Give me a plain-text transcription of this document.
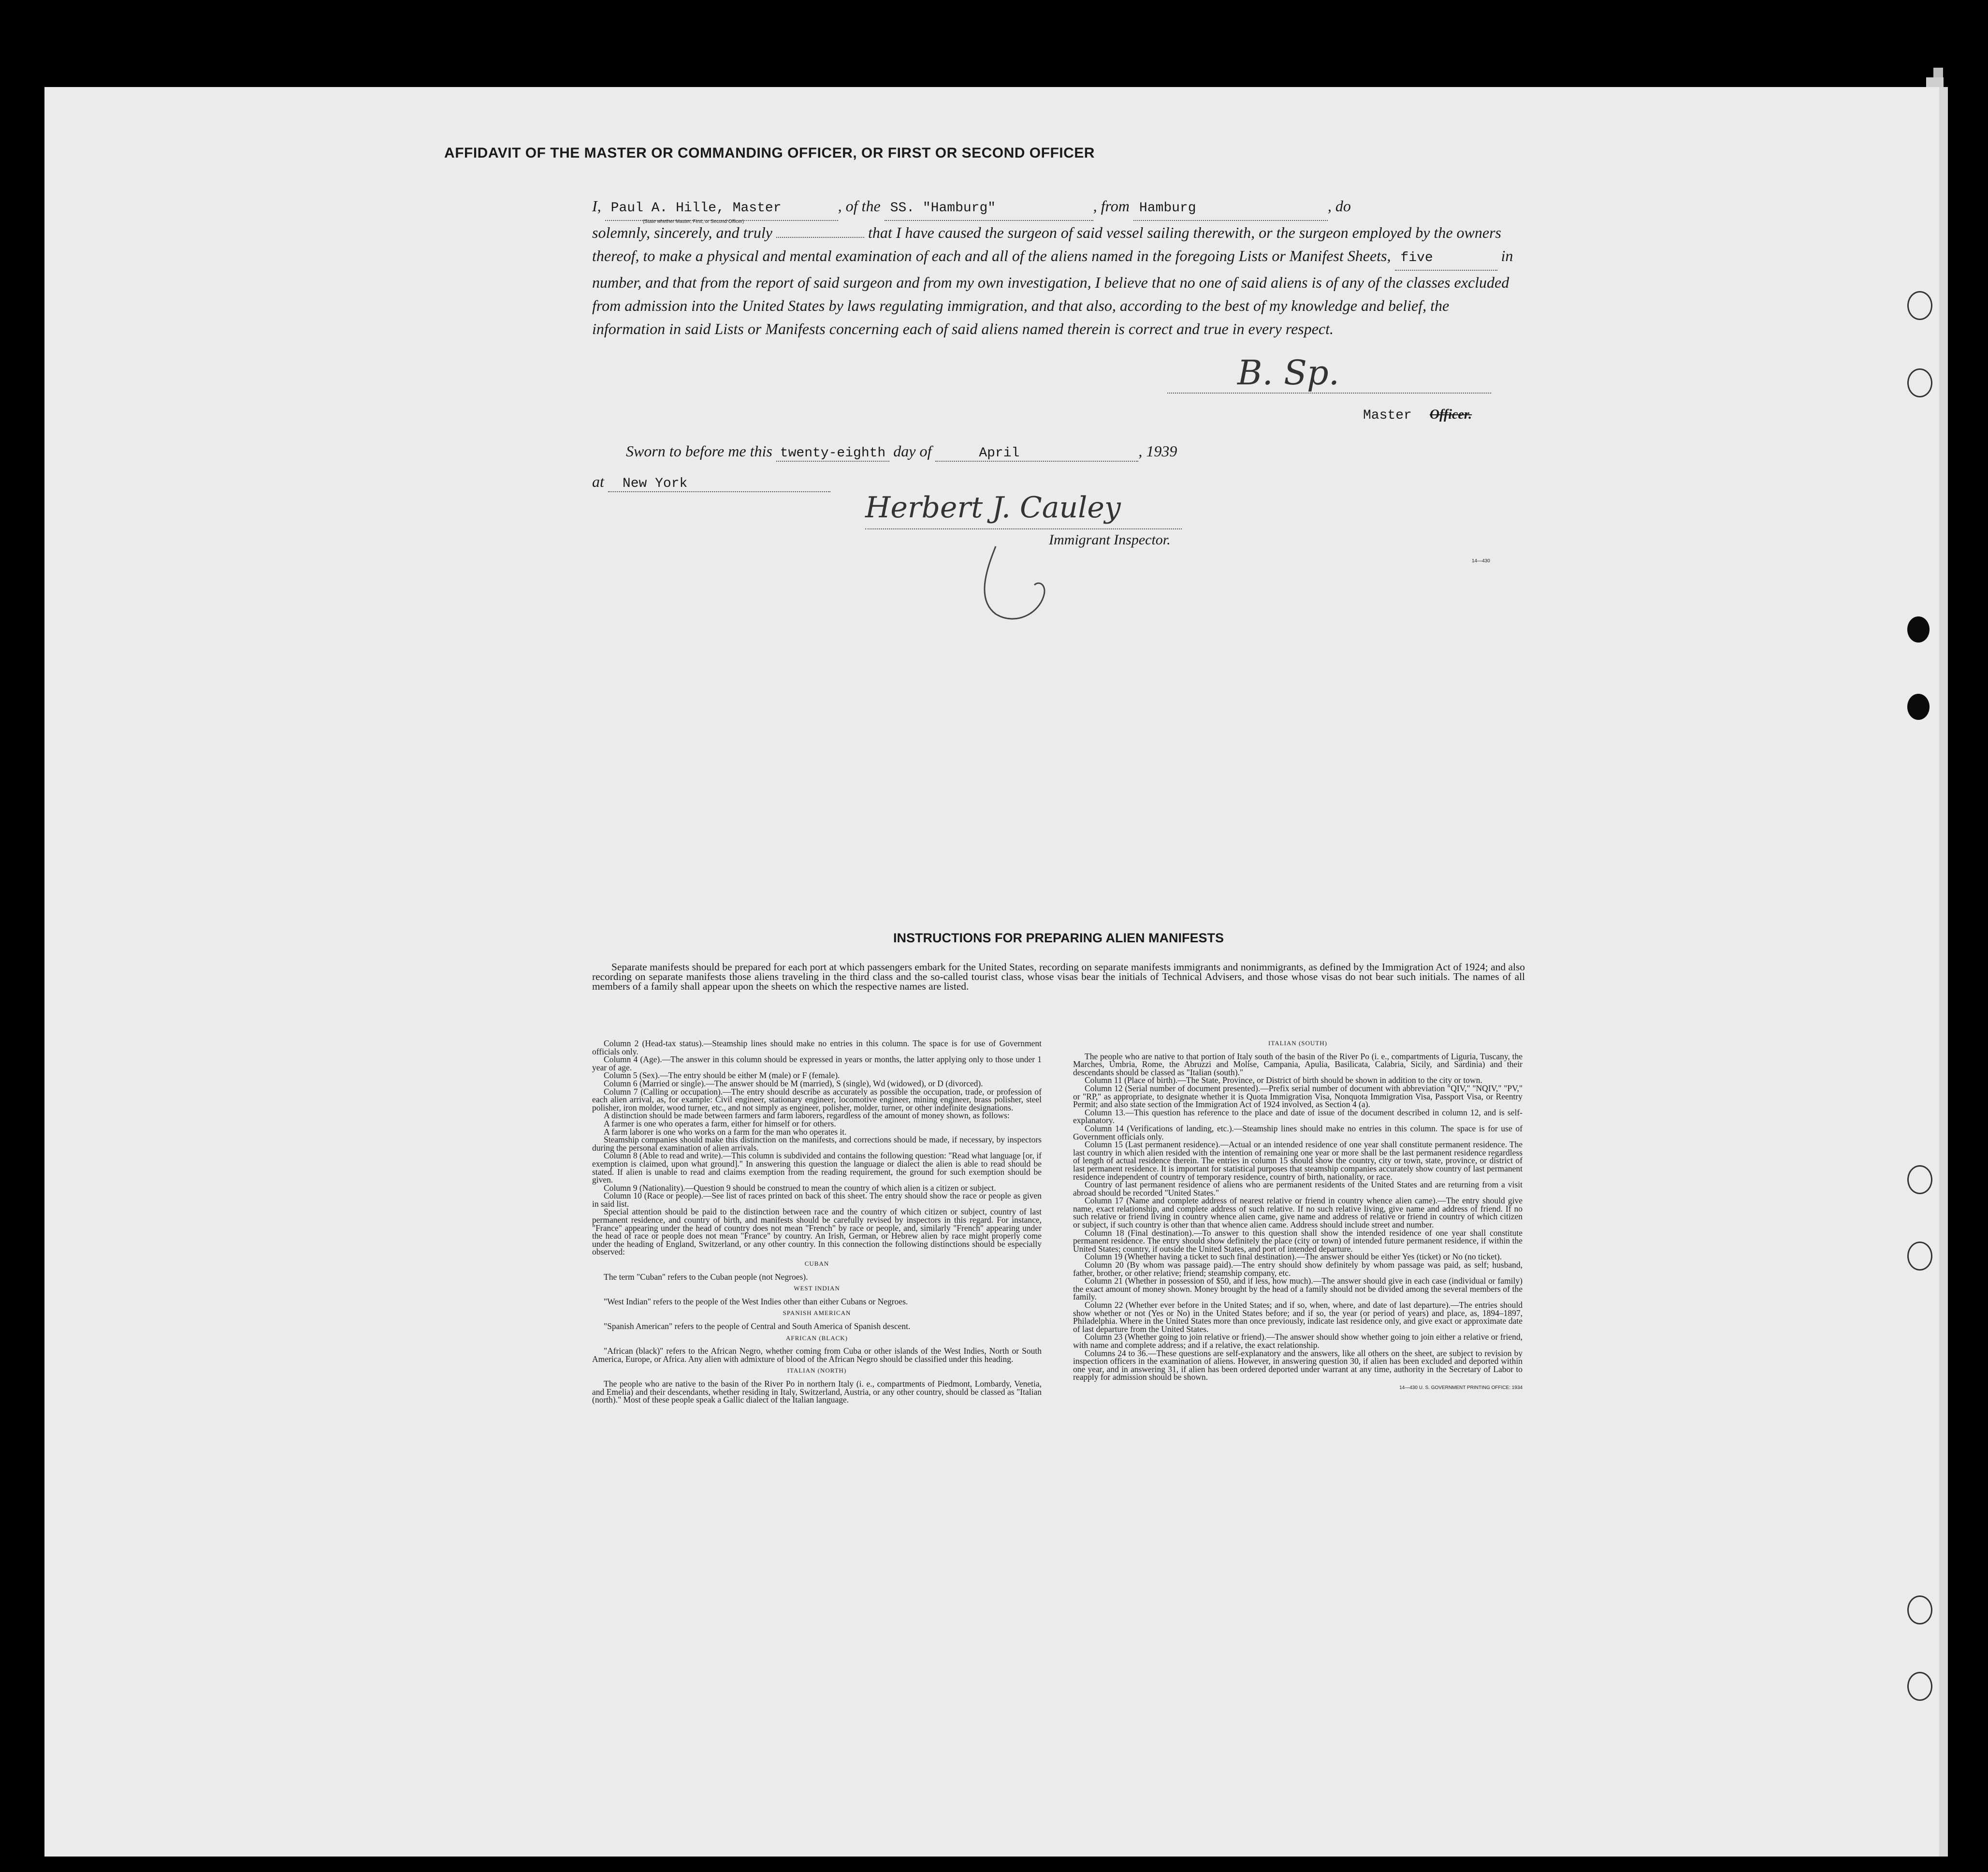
AFFIDAVIT OF THE MASTER OR COMMANDING OFFICER, OR FIRST OR SECOND OFFICER
I, Paul A. Hille, Master	, of the SS. "Hamburg"	, from Hamburg	, do
solemnly, sincerely, and truly	that I have caused the surgeon of said vessel sailing therewith, or the surgeon employed by the owners thereof, to make a physical and mental examination of each and all of the aliens named in the foregoing Lists or Manifest Sheets, five	in number, and that from the report of said surgeon and from my own investigation, I believe that no one of said aliens is of any of the classes excluded from admission into the United States by laws regulating immigration, and that also, according to the best of my knowledge and belief, the information in said Lists or Manifests concerning each of said aliens named therein is correct and true in every respect.
(State whether Master, First, or Second Officer)
B. Sp.
Master Officer.
Sworn to before me this twenty-eighth day of	April	, 1939
at New York
Herbert J. Cauley
Immigrant Inspector.
14—430
INSTRUCTIONS FOR PREPARING ALIEN MANIFESTS
Separate manifests should be prepared for each port at which passengers embark for the United States, recording on separate manifests immigrants and nonimmigrants, as defined by the Immigration Act of 1924; and also recording on separate manifests those aliens traveling in the third class and the so-called tourist class, whose visas bear the initials of Technical Advisers, and those whose visas do not bear such initials. The names of all members of a family shall appear upon the sheets on which the respective names are listed.

Column 2 (Head-tax status).—Steamship lines should make no entries in this column. The space is for use of Government officials only.

Column 4 (Age).—The answer in this column should be expressed in years or months, the latter applying only to those under 1 year of age.

Column 5 (Sex).—The entry should be either M (male) or F (female).

Column 6 (Married or single).—The answer should be M (married), S (single), Wd (widowed), or D (divorced).

Column 7 (Calling or occupation).—The entry should describe as accurately as possible the occupation, trade, or profession of each alien arrival, as, for example: Civil engineer, stationary engineer, locomotive engineer, mining engineer, brass polisher, steel polisher, iron molder, wood turner, etc., and not simply as engineer, polisher, molder, turner, or other indefinite designations.

A distinction should be made between farmers and farm laborers, regardless of the amount of money shown, as follows:

A farmer is one who operates a farm, either for himself or for others.

A farm laborer is one who works on a farm for the man who operates it.

Steamship companies should make this distinction on the manifests, and corrections should be made, if necessary, by inspectors during the personal examination of alien arrivals.

Column 8 (Able to read and write).—This column is subdivided and contains the following question: "Read what language [or, if exemption is claimed, upon what ground]." In answering this question the language or dialect the alien is able to read should be stated. If alien is unable to read and claims exemption from the reading requirement, the ground for such exemption should be given.

Column 9 (Nationality).—Question 9 should be construed to mean the country of which alien is a citizen or subject.

Column 10 (Race or people).—See list of races printed on back of this sheet. The entry should show the race or people as given in said list.

Special attention should be paid to the distinction between race and the country of which citizen or subject, country of last permanent residence, and country of birth, and manifests should be carefully revised by inspectors in this regard. For instance, "France" appearing under the head of country does not mean "French" by race or people, and, similarly "French" appearing under the head of race or people does not mean "France" by country. An Irish, German, or Hebrew alien by race might properly come under the heading of England, Switzerland, or any other country. In this connection the following distinctions should be especially observed:

CUBAN

The term "Cuban" refers to the Cuban people (not Negroes).

WEST INDIAN

"West Indian" refers to the people of the West Indies other than either Cubans or Negroes.

SPANISH AMERICAN

"Spanish American" refers to the people of Central and South America of Spanish descent.

AFRICAN (BLACK)

"African (black)" refers to the African Negro, whether coming from Cuba or other islands of the West Indies, North or South America, Europe, or Africa. Any alien with admixture of blood of the African Negro should be classified under this heading.

ITALIAN (NORTH)

The people who are native to the basin of the River Po in northern Italy (i. e., compartments of Piedmont, Lombardy, Venetia, and Emelia) and their descendants, whether residing in Italy, Switzerland, Austria, or any other country, should be classed as "Italian (north)." Most of these people speak a Gallic dialect of the Italian language.

ITALIAN (SOUTH)

The people who are native to that portion of Italy south of the basin of the River Po (i. e., compartments of Liguria, Tuscany, the Marches, Umbria, Rome, the Abruzzi and Molise, Campania, Apulia, Basilicata, Calabria, Sicily, and Sardinia) and their descendants should be classed as "Italian (south)."

Column 11 (Place of birth).—The State, Province, or District of birth should be shown in addition to the city or town.

Column 12 (Serial number of document presented).—Prefix serial number of document with abbreviation "QIV," "NQIV," "PV," or "RP," as appropriate, to designate whether it is Quota Immigration Visa, Nonquota Immigration Visa, Passport Visa, or Reentry Permit; and also state section of the Immigration Act of 1924 involved, as Section 4 (a).

Column 13.—This question has reference to the place and date of issue of the document described in column 12, and is self-explanatory.

Column 14 (Verifications of landing, etc.).—Steamship lines should make no entries in this column. The space is for use of Government officials only.

Column 15 (Last permanent residence).—Actual or an intended residence of one year shall constitute permanent residence. The last country in which alien resided with the intention of remaining one year or more shall be the last permanent residence regardless of length of actual residence therein. The entries in column 15 should show the country, city or town, state, province, or district of last permanent residence. It is important for statistical purposes that steamship companies accurately show country of last permanent residence independent of country of temporary residence, country of birth, nationality, or race.

Country of last permanent residence of aliens who are permanent residents of the United States and are returning from a visit abroad should be recorded "United States."

Column 17 (Name and complete address of nearest relative or friend in country whence alien came).—The entry should give name, exact relationship, and complete address of such relative. If no such relative living, give name and address of friend. If no such relative or friend living in country whence alien came, give name and address of relative or friend in country of which citizen or subject, if such country is other than that whence alien came. Address should include street and number.

Column 18 (Final destination).—To answer to this question shall show the intended residence of one year shall constitute permanent residence. The entry should show definitely the place (city or town) of intended future permanent residence, if within the United States; country, if outside the United States, and port of intended departure.

Column 19 (Whether having a ticket to such final destination).—The answer should be either Yes (ticket) or No (no ticket).

Column 20 (By whom was passage paid).—The entry should show definitely by whom passage was paid, as self; husband, father, brother, or other relative; friend; steamship company, etc.

Column 21 (Whether in possession of $50, and if less, how much).—The answer should give in each case (individual or family) the exact amount of money shown. Money brought by the head of a family should not be divided among the several members of the family.

Column 22 (Whether ever before in the United States; and if so, when, where, and date of last departure).—The entries should show whether or not (Yes or No) in the United States before; and if so, the year (or period of years) and place, as, 1894–1897, Philadelphia. Where in the United States more than once previously, indicate last residence only, and give exact or approximate date of last departure from the United States.

Column 23 (Whether going to join relative or friend).—The answer should show whether going to join either a relative or friend, with name and complete address; and if a relative, the exact relationship.

Columns 24 to 36.—These questions are self-explanatory and the answers, like all others on the sheet, are subject to revision by inspection officers in the examination of aliens. However, in answering question 30, if alien has been excluded and deported within one year, and in answering 31, if alien has been ordered deported under warrant at any time, authority in the Secretary of Labor to reapply for admission should be shown.

14—430 U. S. GOVERNMENT PRINTING OFFICE: 1934
